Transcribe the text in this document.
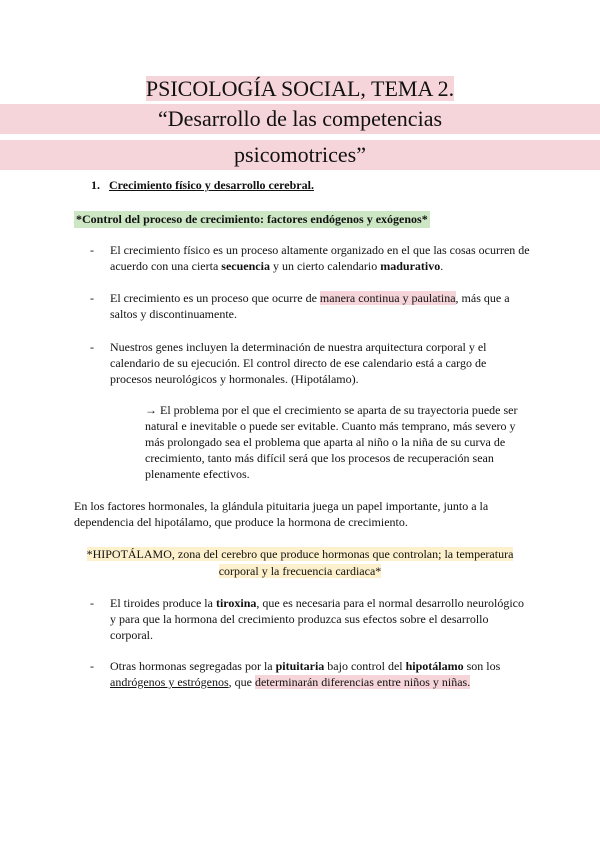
PSICOLOGÍA SOCIAL, TEMA 2.
“Desarrollo de las competencias
psicomotrices”
1. Crecimiento físico y desarrollo cerebral.
*Control del proceso de crecimiento: factores endógenos y exógenos*
- El crecimiento físico es un proceso altamente organizado en el que las cosas ocurren de acuerdo con una cierta secuencia y un cierto calendario madurativo.
- El crecimiento es un proceso que ocurre de manera continua y paulatina, más que a saltos y discontinuamente.
- Nuestros genes incluyen la determinación de nuestra arquitectura corporal y el calendario de su ejecución. El control directo de ese calendario está a cargo de procesos neurológicos y hormonales. (Hipotálamo).
→ El problema por el que el crecimiento se aparta de su trayectoria puede ser natural e inevitable o puede ser evitable. Cuanto más temprano, más severo y más prolongado sea el problema que aparta al niño o la niña de su curva de crecimiento, tanto más difícil será que los procesos de recuperación sean plenamente efectivos.
En los factores hormonales, la glándula pituitaria juega un papel importante, junto a la dependencia del hipotálamo, que produce la hormona de crecimiento.
*HIPOTÁLAMO, zona del cerebro que produce hormonas que controlan; la temperatura
corporal y la frecuencia cardiaca*
- El tiroides produce la tiroxina, que es necesaria para el normal desarrollo neurológico y para que la hormona del crecimiento produzca sus efectos sobre el desarrollo corporal.
- Otras hormonas segregadas por la pituitaria bajo control del hipotálamo son los andrógenos y estrógenos, que determinarán diferencias entre niños y niñas.
